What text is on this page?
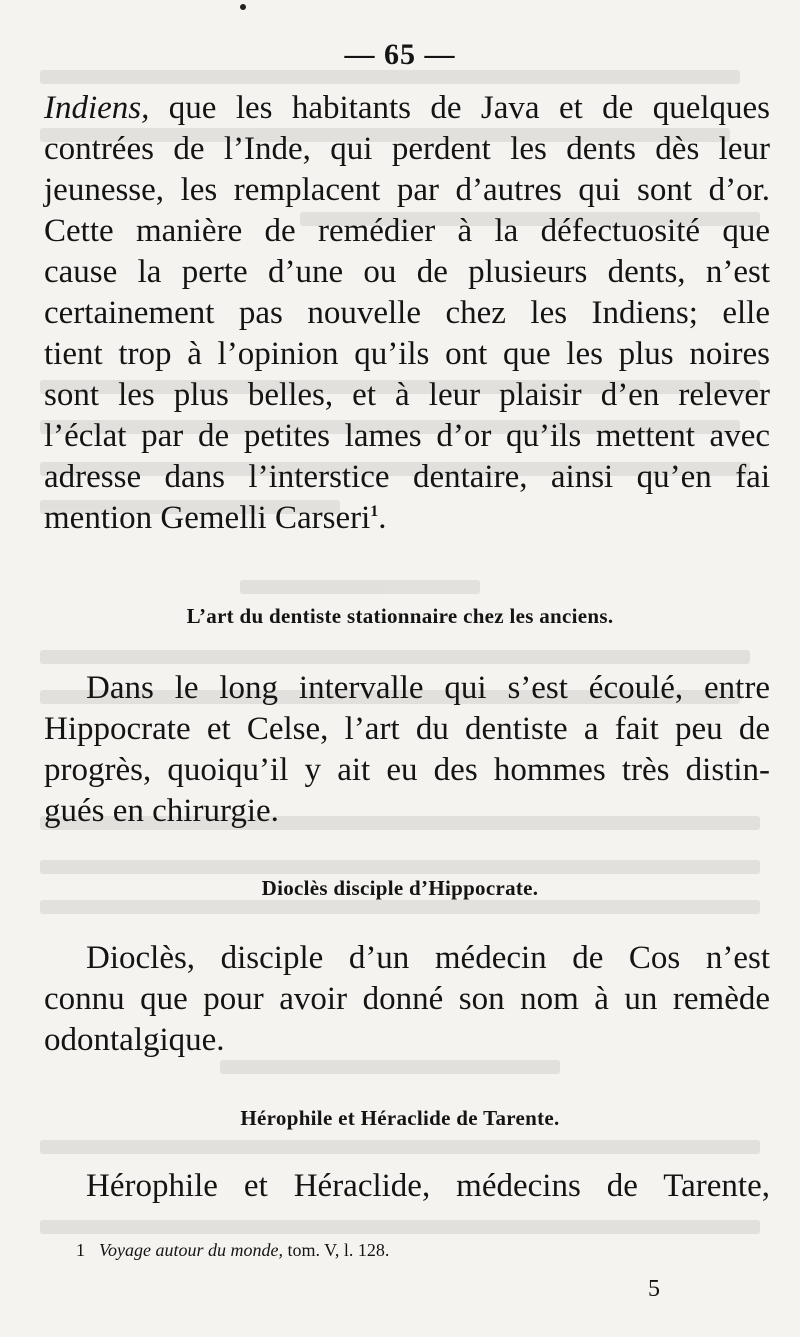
— 65 —
Indiens, que les habitants de Java et de quelques
contrées de l’Inde, qui perdent les dents dès leur
jeunesse, les remplacent par d’autres qui sont d’or.
Cette manière de remédier à la défectuosité que
cause la perte d’une ou de plusieurs dents, n’est
certainement pas nouvelle chez les Indiens; elle
tient trop à l’opinion qu’ils ont que les plus noires
sont les plus belles, et à leur plaisir d’en relever
l’éclat par de petites lames d’or qu’ils mettent avec
adresse dans l’interstice dentaire, ainsi qu’en fai
mention Gemelli Carseri$^1$.
L’art du dentiste stationnaire chez les anciens.
Dans le long intervalle qui s’est écoulé, entre
Hippocrate et Celse, l’art du dentiste a fait peu de
progrès, quoiqu’il y ait eu des hommes très distin-
gués en chirurgie.
Dioclès disciple d’Hippocrate.
Dioclès, disciple d’un médecin de Cos n’est
connu que pour avoir donné son nom à un remède
odontalgique.
Hérophile et Héraclide de Tarente.
Hérophile et Héraclide, médecins de Tarente,
1 Voyage autour du monde, tom. V, l. 128.
5
